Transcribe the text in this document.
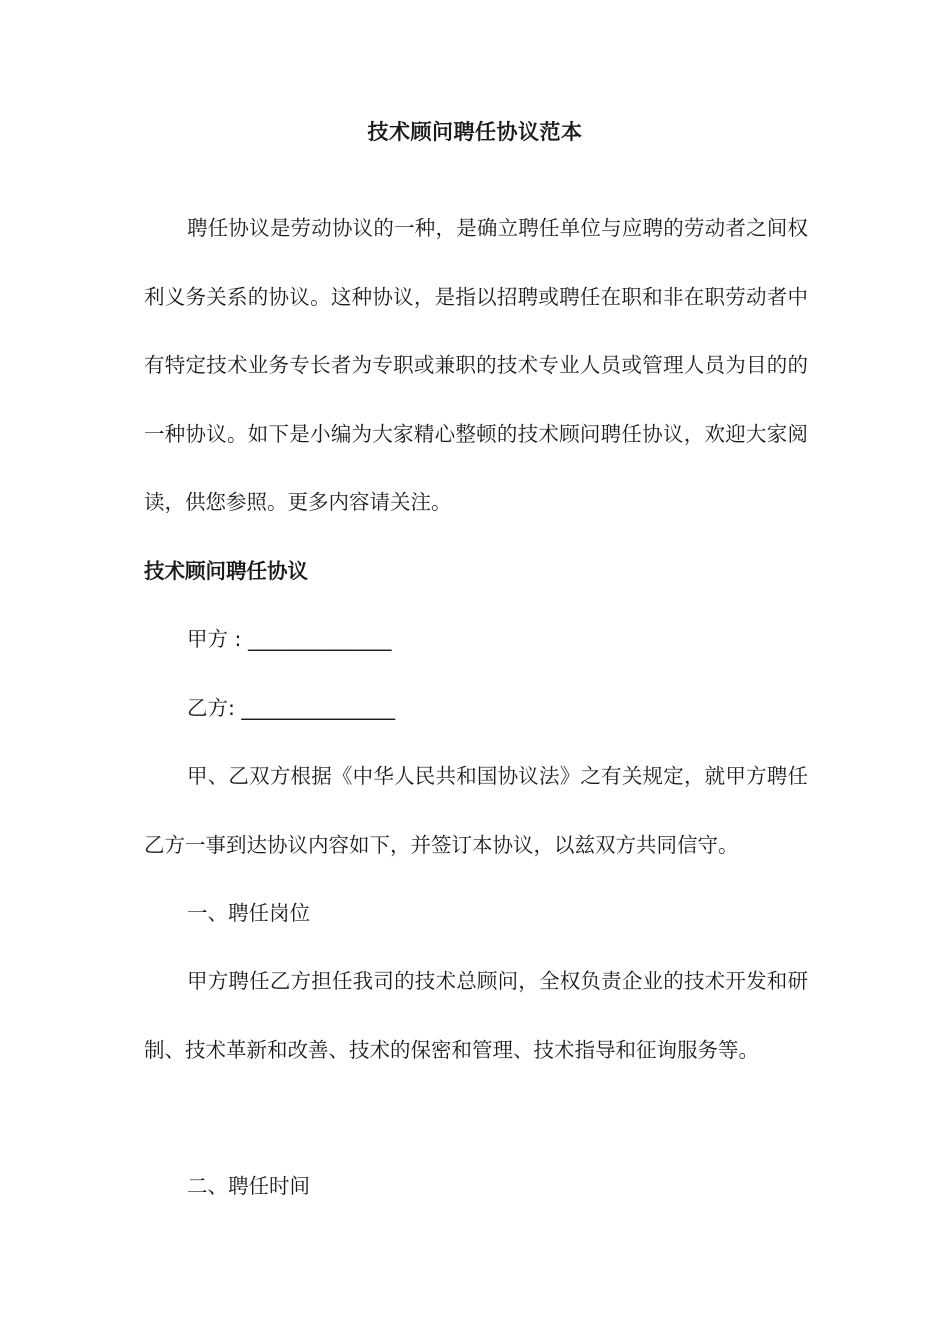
技术顾问聘任协议范本

聘任协议是劳动协议的一种，是确立聘任单位与应聘的劳动者之间权利义务关系的协议。这种协议，是指以招聘或聘任在职和非在职劳动者中有特定技术业务专长者为专职或兼职的技术专业人员或管理人员为目的的一种协议。如下是小编为大家精心整顿的技术顾问聘任协议，欢迎大家阅读，供您参照。更多内容请关注。

技术顾问聘任协议
甲方 : ______________
乙方: _______________

甲、乙双方根据《中华人民共和国协议法》之有关规定，就甲方聘任乙方一事到达协议内容如下，并签订本协议，以兹双方共同信守。

一、聘任岗位

甲方聘任乙方担任我司的技术总顾问，全权负责企业的技术开发和研制、技术革新和改善、技术的保密和管理、技术指导和征询服务等。

二、聘任时间
